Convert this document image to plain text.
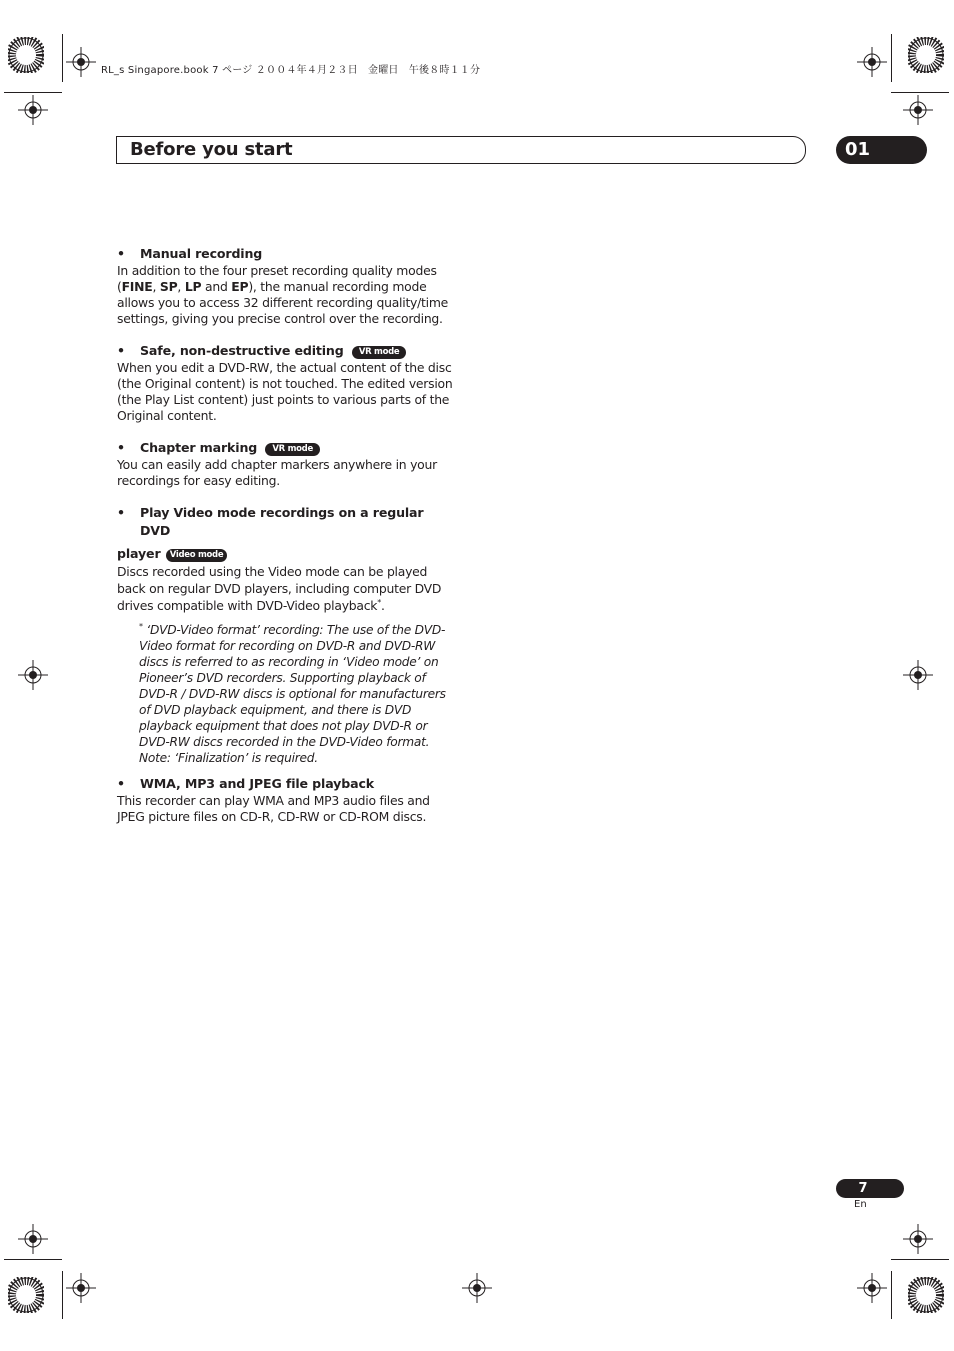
RL_s Singapore.book 7 ページ ２００４年４月２３日　金曜日　午後８時１１分
Before you start	01
• Manual recording
In addition to the four preset recording quality modes (FINE, SP, LP and EP), the manual recording mode allows you to access 32 different recording quality/time settings, giving you precise control over the recording.
• Safe, non-destructive editing VR mode
When you edit a DVD-RW, the actual content of the disc (the Original content) is not touched. The edited version (the Play List content) just points to various parts of the Original content.
• Chapter marking VR mode
You can easily add chapter markers anywhere in your recordings for easy editing.
• Play Video mode recordings on a regular DVD
player Video mode
Discs recorded using the Video mode can be played back on regular DVD players, including computer DVD drives compatible with DVD-Video playback*.
* ‘DVD-Video format’ recording: The use of the DVD-Video format for recording on DVD-R and DVD-RW discs is referred to as recording in ‘Video mode’ on Pioneer’s DVD recorders. Supporting playback of DVD-R / DVD-RW discs is optional for manufacturers of DVD playback equipment, and there is DVD playback equipment that does not play DVD-R or DVD-RW discs recorded in the DVD-Video format.
Note: ‘Finalization’ is required.
• WMA, MP3 and JPEG file playback
This recorder can play WMA and MP3 audio files and JPEG picture files on CD-R, CD-RW or CD-ROM discs.
7
En
